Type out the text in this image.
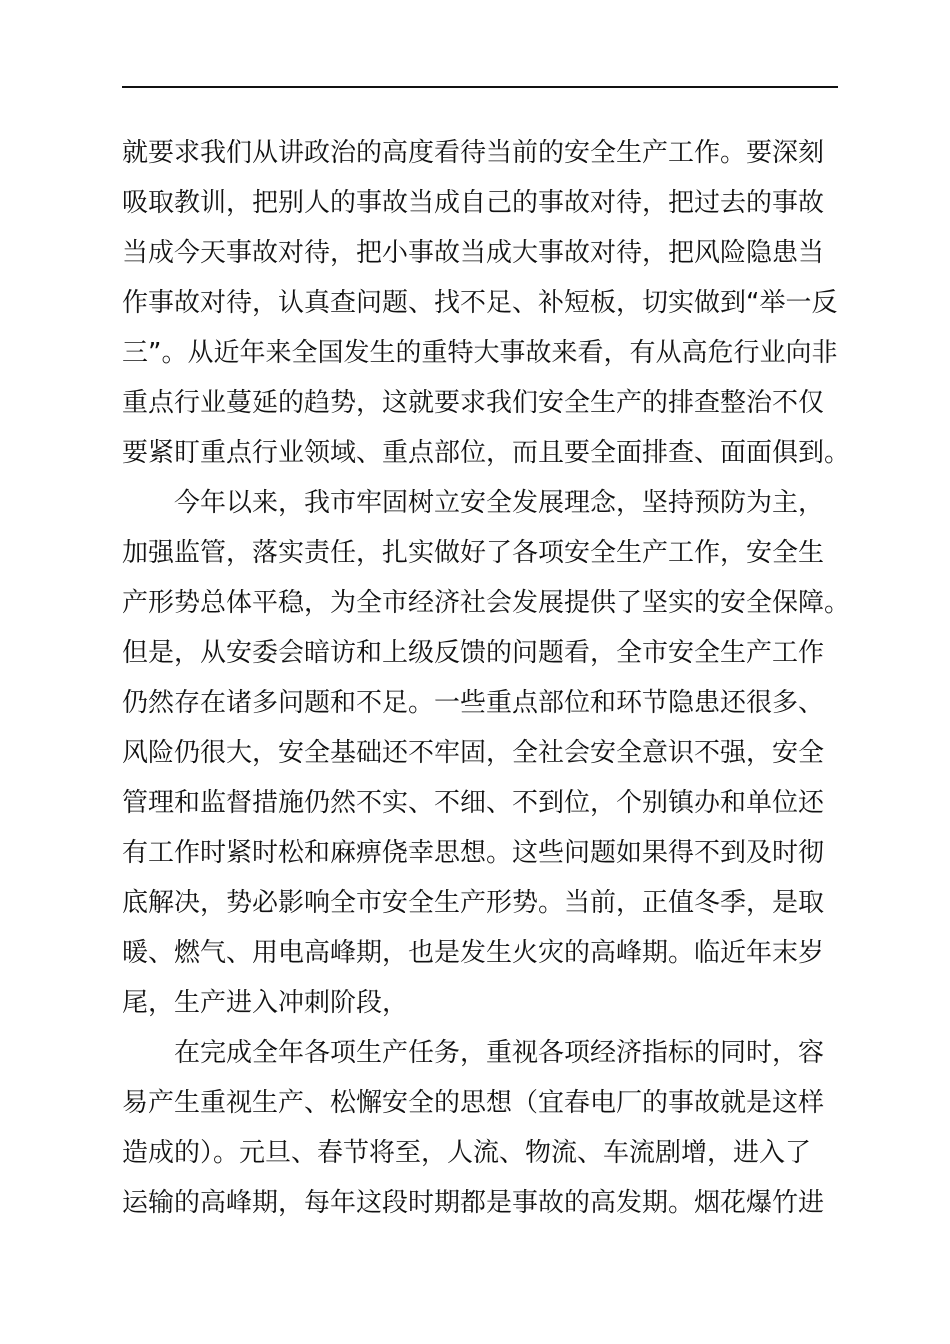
就要求我们从讲政治的高度看待当前的安全生产工作。要深刻
吸取教训，把别人的事故当成自己的事故对待，把过去的事故
当成今天事故对待，把小事故当成大事故对待，把风险隐患当
作事故对待，认真查问题、找不足、补短板，切实做到“举一反
三”。从近年来全国发生的重特大事故来看，有从高危行业向非
重点行业蔓延的趋势，这就要求我们安全生产的排查整治不仅
要紧盯重点行业领域、重点部位，而且要全面排查、面面俱到。
今年以来，我市牢固树立安全发展理念，坚持预防为主，
加强监管，落实责任，扎实做好了各项安全生产工作，安全生
产形势总体平稳，为全市经济社会发展提供了坚实的安全保障。
但是，从安委会暗访和上级反馈的问题看，全市安全生产工作
仍然存在诸多问题和不足。一些重点部位和环节隐患还很多、
风险仍很大，安全基础还不牢固，全社会安全意识不强，安全
管理和监督措施仍然不实、不细、不到位，个别镇办和单位还
有工作时紧时松和麻痹侥幸思想。这些问题如果得不到及时彻
底解决，势必影响全市安全生产形势。当前，正值冬季，是取
暖、燃气、用电高峰期，也是发生火灾的高峰期。临近年末岁
尾，生产进入冲刺阶段，
在完成全年各项生产任务，重视各项经济指标的同时，容
易产生重视生产、松懈安全的思想（宜春电厂的事故就是这样
造成的）。元旦、春节将至，人流、物流、车流剧增，进入了
运输的高峰期，每年这段时期都是事故的高发期。烟花爆竹进
